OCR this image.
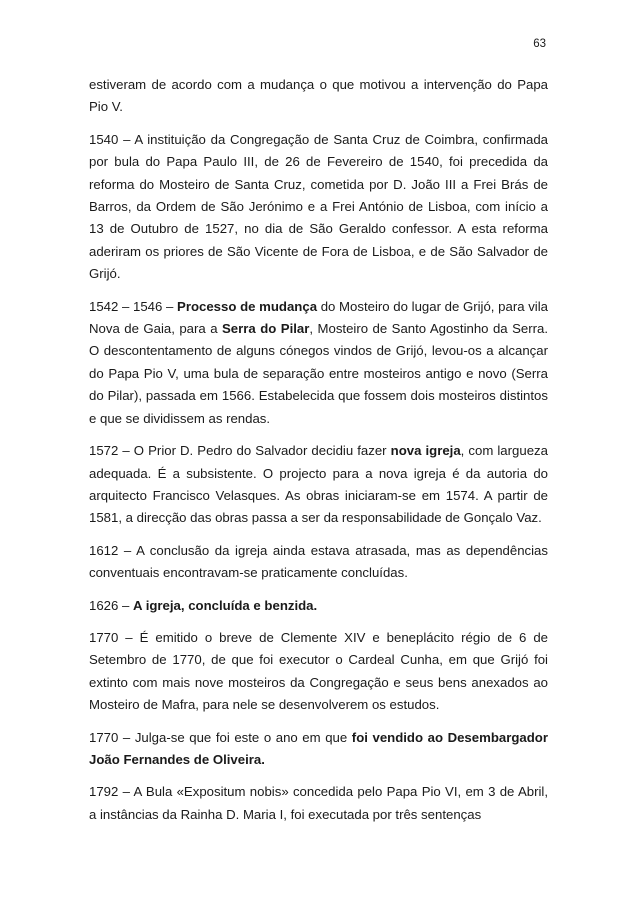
63

estiveram de acordo com a mudança o que motivou a intervenção do Papa Pio V.

1540 – A instituição da Congregação de Santa Cruz de Coimbra, confirmada por bula do Papa Paulo III, de 26 de Fevereiro de 1540, foi precedida da reforma do Mosteiro de Santa Cruz, cometida por D. João III a Frei Brás de Barros, da Ordem de São Jerónimo e a Frei António de Lisboa, com início a 13 de Outubro de 1527, no dia de São Geraldo confessor. A esta reforma aderiram os priores de São Vicente de Fora de Lisboa, e de São Salvador de Grijó.

1542 – 1546 – Processo de mudança do Mosteiro do lugar de Grijó, para vila Nova de Gaia, para a Serra do Pilar, Mosteiro de Santo Agostinho da Serra. O descontentamento de alguns cónegos vindos de Grijó, levou-os a alcançar do Papa Pio V, uma bula de separação entre mosteiros antigo e novo (Serra do Pilar), passada em 1566. Estabelecida que fossem dois mosteiros distintos e que se dividissem as rendas.

1572 – O Prior D. Pedro do Salvador decidiu fazer nova igreja, com largueza adequada. É a subsistente. O projecto para a nova igreja é da autoria do arquitecto Francisco Velasques. As obras iniciaram-se em 1574. A partir de 1581, a direcção das obras passa a ser da responsabilidade de Gonçalo Vaz.

1612 – A conclusão da igreja ainda estava atrasada, mas as dependências conventuais encontravam-se praticamente concluídas.

1626 – A igreja, concluída e benzida.

1770 – É emitido o breve de Clemente XIV e beneplácito régio de 6 de Setembro de 1770, de que foi executor o Cardeal Cunha, em que Grijó foi extinto com mais nove mosteiros da Congregação e seus bens anexados ao Mosteiro de Mafra, para nele se desenvolverem os estudos.

1770 – Julga-se que foi este o ano em que foi vendido ao Desembargador João Fernandes de Oliveira.

1792 – A Bula «Expositum nobis» concedida pelo Papa Pio VI, em 3 de Abril, a instâncias da Rainha D. Maria I, foi executada por três sentenças
